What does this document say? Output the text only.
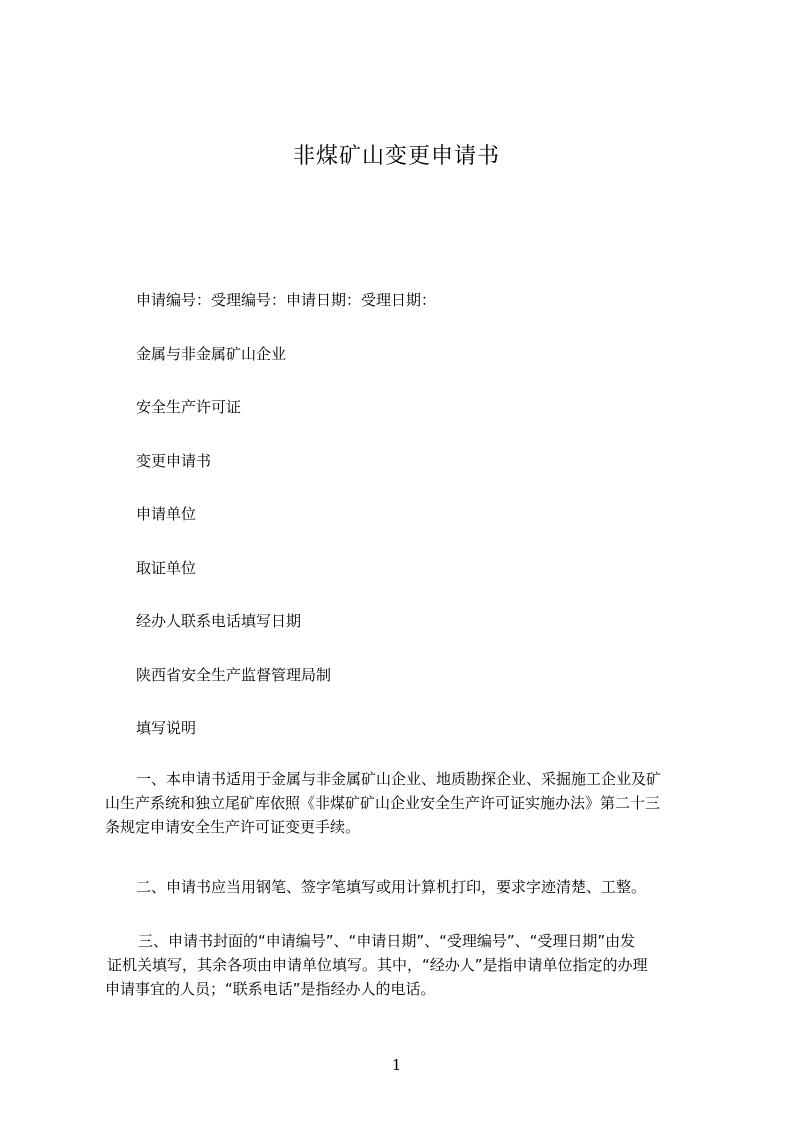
非煤矿山变更申请书
申请编号：受理编号：申请日期：受理日期：
金属与非金属矿山企业
安全生产许可证
变更申请书
申请单位
取证单位
经办人联系电话填写日期
陕西省安全生产监督管理局制
填写说明
一、本申请书适用于金属与非金属矿山企业、地质勘探企业、采掘施工企业及矿
山生产系统和独立尾矿库依照《非煤矿矿山企业安全生产许可证实施办法》第二十三
条规定申请安全生产许可证变更手续。
二、申请书应当用钢笔、签字笔填写或用计算机打印，要求字迹清楚、工整。
三、申请书封面的“申请编号”、“申请日期”、“受理编号”、“受理日期”由发
证机关填写，其余各项由申请单位填写。其中，“经办人”是指申请单位指定的办理
申请事宜的人员；“联系电话”是指经办人的电话。
1
